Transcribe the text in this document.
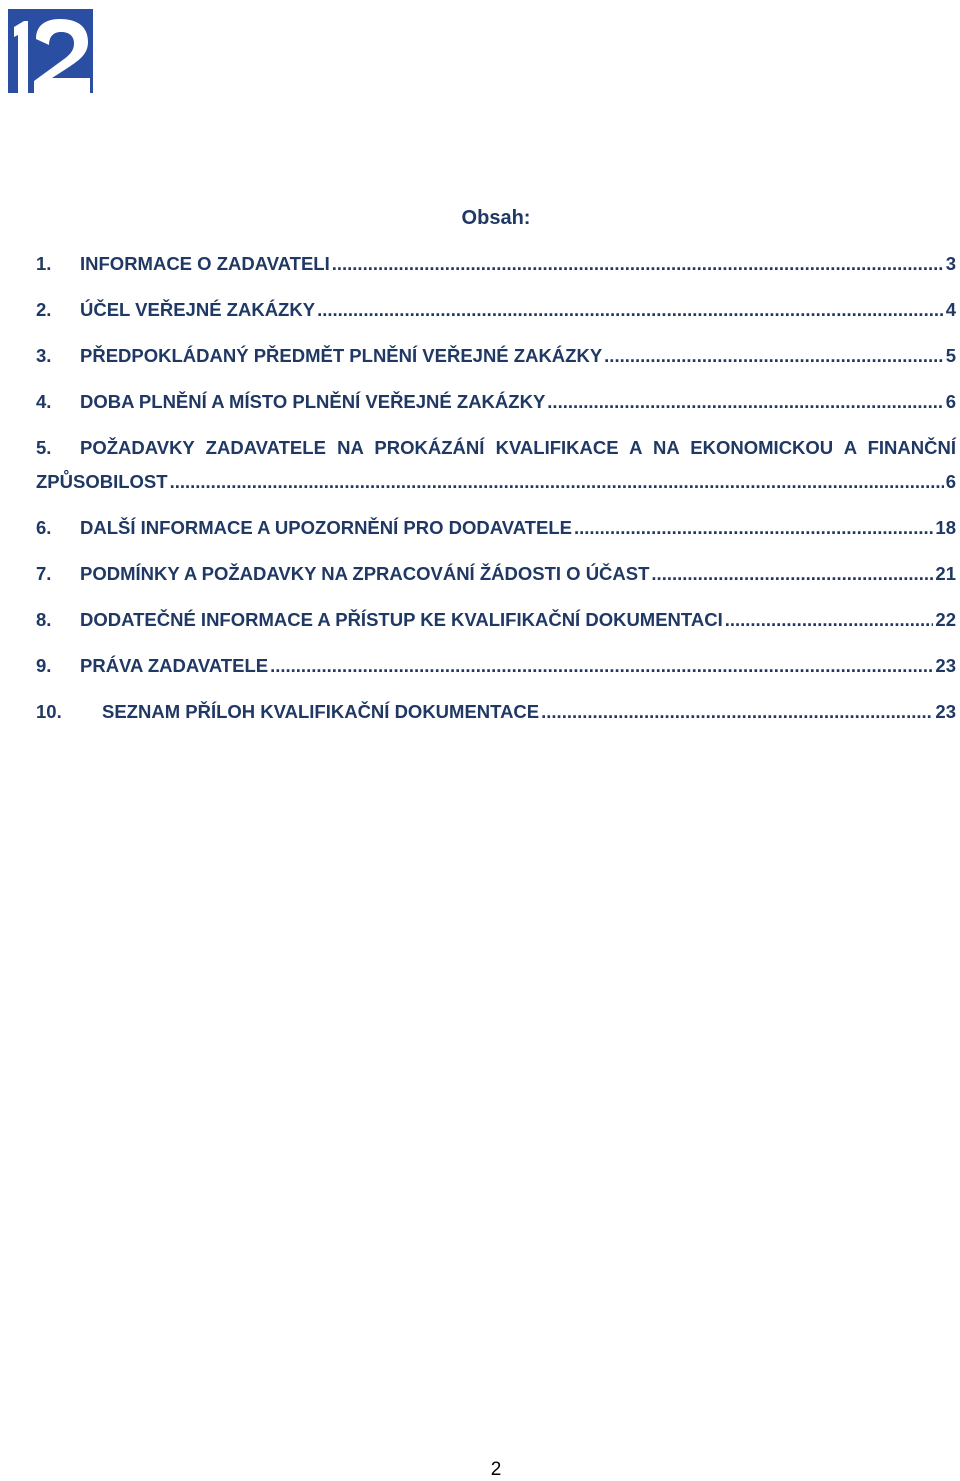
Obsah:
1.	INFORMACE O ZADAVATELI .....	3
2.	ÚČEL VEŘEJNÉ ZAKÁZKY .....	4
3.	PŘEDPOKLÁDANÝ PŘEDMĚT PLNĚNÍ VEŘEJNÉ ZAKÁZKY .....	5
4.	DOBA PLNĚNÍ A MÍSTO PLNĚNÍ VEŘEJNÉ ZAKÁZKY .....	6
5. POŽADAVKY ZADAVATELE NA PROKÁZÁNÍ KVALIFIKACE A NA EKONOMICKOU A FINANČNÍ
ZPŮSOBILOST .....	6
6.	DALŠÍ INFORMACE A UPOZORNĚNÍ PRO DODAVATELE .....	18
7.	PODMÍNKY A POŽADAVKY NA ZPRACOVÁNÍ ŽÁDOSTI O ÚČAST .....	21
8.	DODATEČNÉ INFORMACE A PŘÍSTUP KE KVALIFIKAČNÍ DOKUMENTACI .....	22
9.	PRÁVA ZADAVATELE .....	23
10.	SEZNAM PŘÍLOH KVALIFIKAČNÍ DOKUMENTACE .....	23
2
